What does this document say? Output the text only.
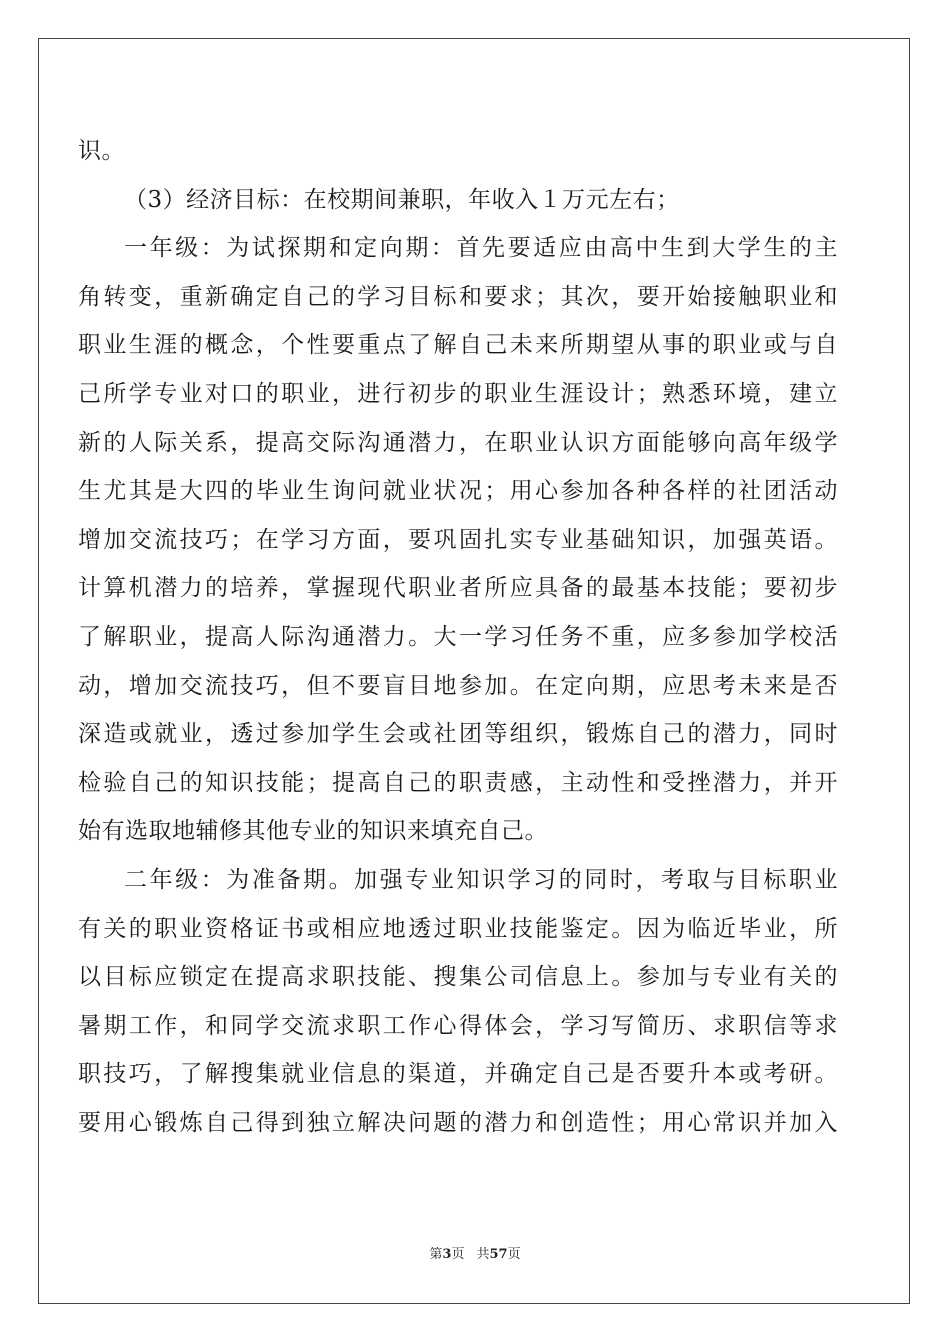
识。
（3）经济目标：在校期间兼职，年收入１万元左右；
一年级：为试探期和定向期：首先要适应由高中生到大学生的主
角转变，重新确定自己的学习目标和要求；其次，要开始接触职业和
职业生涯的概念，个性要重点了解自己未来所期望从事的职业或与自
己所学专业对口的职业，进行初步的职业生涯设计；熟悉环境，建立
新的人际关系，提高交际沟通潜力，在职业认识方面能够向高年级学
生尤其是大四的毕业生询问就业状况；用心参加各种各样的社团活动
增加交流技巧；在学习方面，要巩固扎实专业基础知识，加强英语。
计算机潜力的培养，掌握现代职业者所应具备的最基本技能；要初步
了解职业，提高人际沟通潜力。大一学习任务不重，应多参加学校活
动，增加交流技巧，但不要盲目地参加。在定向期，应思考未来是否
深造或就业，透过参加学生会或社团等组织，锻炼自己的潜力，同时
检验自己的知识技能；提高自己的职责感，主动性和受挫潜力，并开
始有选取地辅修其他专业的知识来填充自己。
二年级：为准备期。加强专业知识学习的同时，考取与目标职业
有关的职业资格证书或相应地透过职业技能鉴定。因为临近毕业，所
以目标应锁定在提高求职技能、搜集公司信息上。参加与专业有关的
暑期工作，和同学交流求职工作心得体会，学习写简历、求职信等求
职技巧，了解搜集就业信息的渠道，并确定自己是否要升本或考研。
要用心锻炼自己得到独立解决问题的潜力和创造性；用心常识并加入
第3页 共57页
